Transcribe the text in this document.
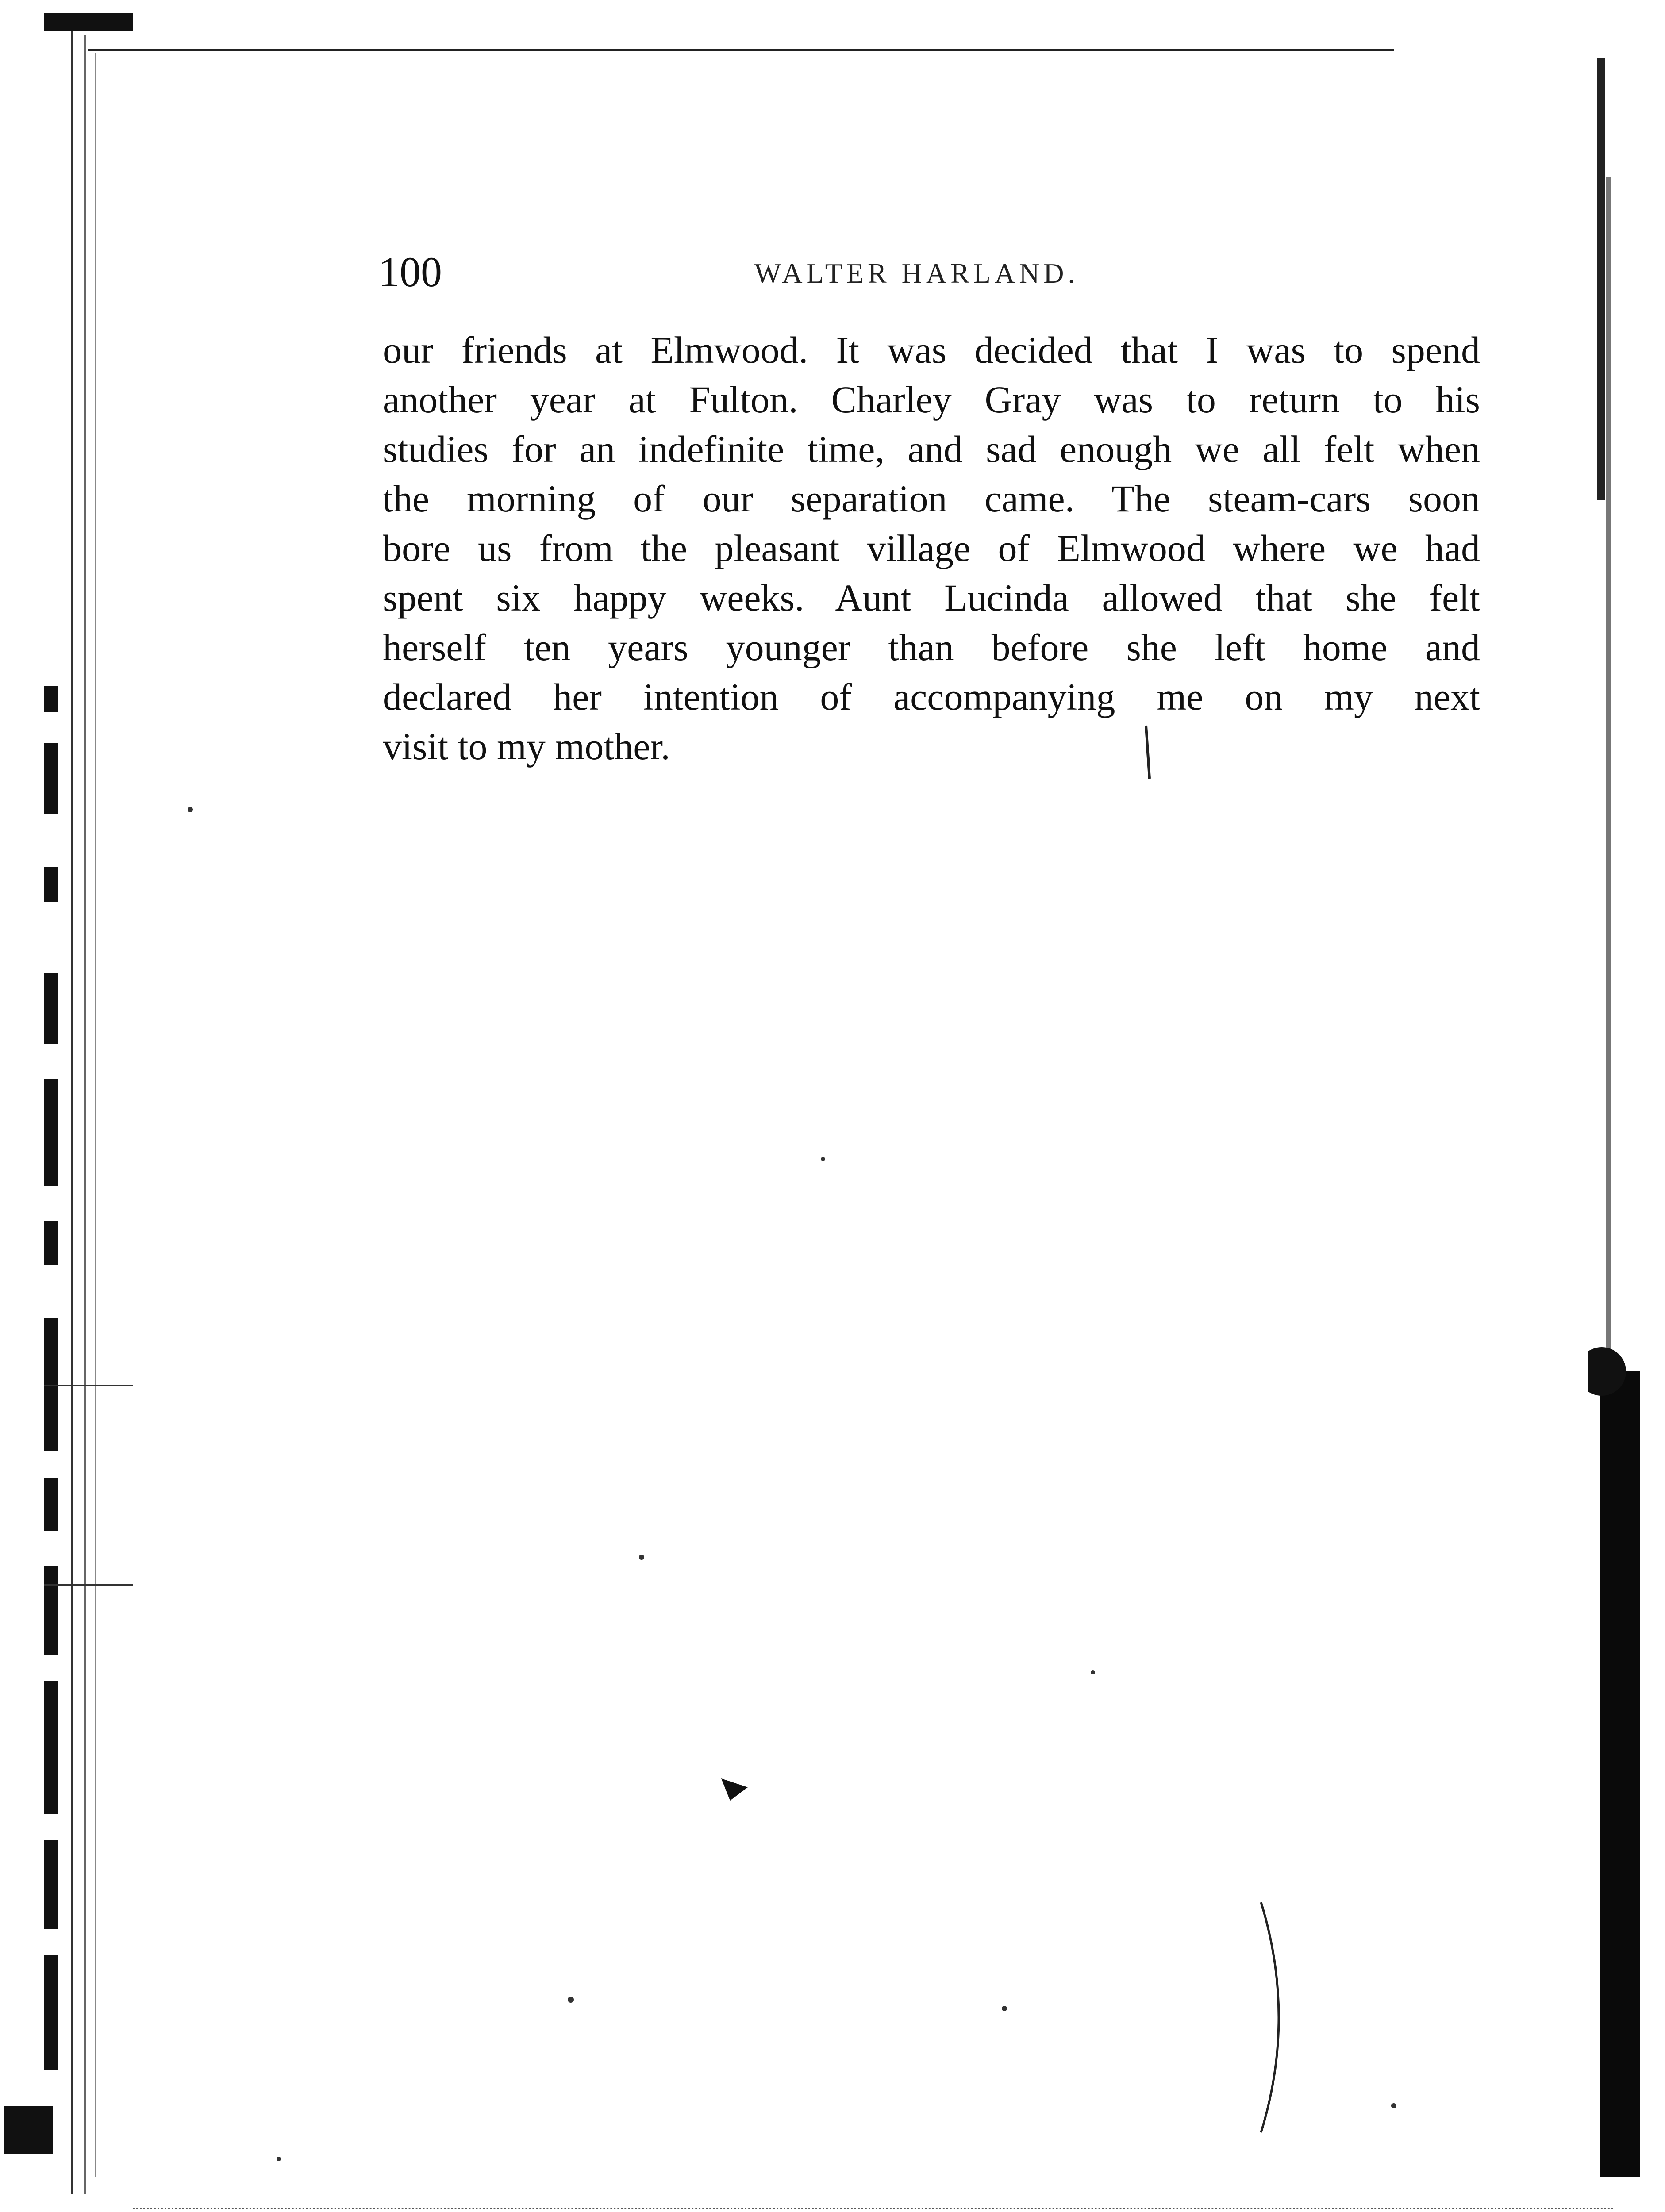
100	WALTER HARLAND.
our friends at Elmwood. It was decided that I was to spend
another year at Fulton. Charley Gray was to return to his
studies for an indefinite time, and sad enough we all felt when
the morning of our separation came. The steam-cars soon
bore us from the pleasant village of Elmwood where we had
spent six happy weeks. Aunt Lucinda allowed that she felt
herself ten years younger than before she left home and
declared her intention of accompanying me on my next
visit to my mother.
